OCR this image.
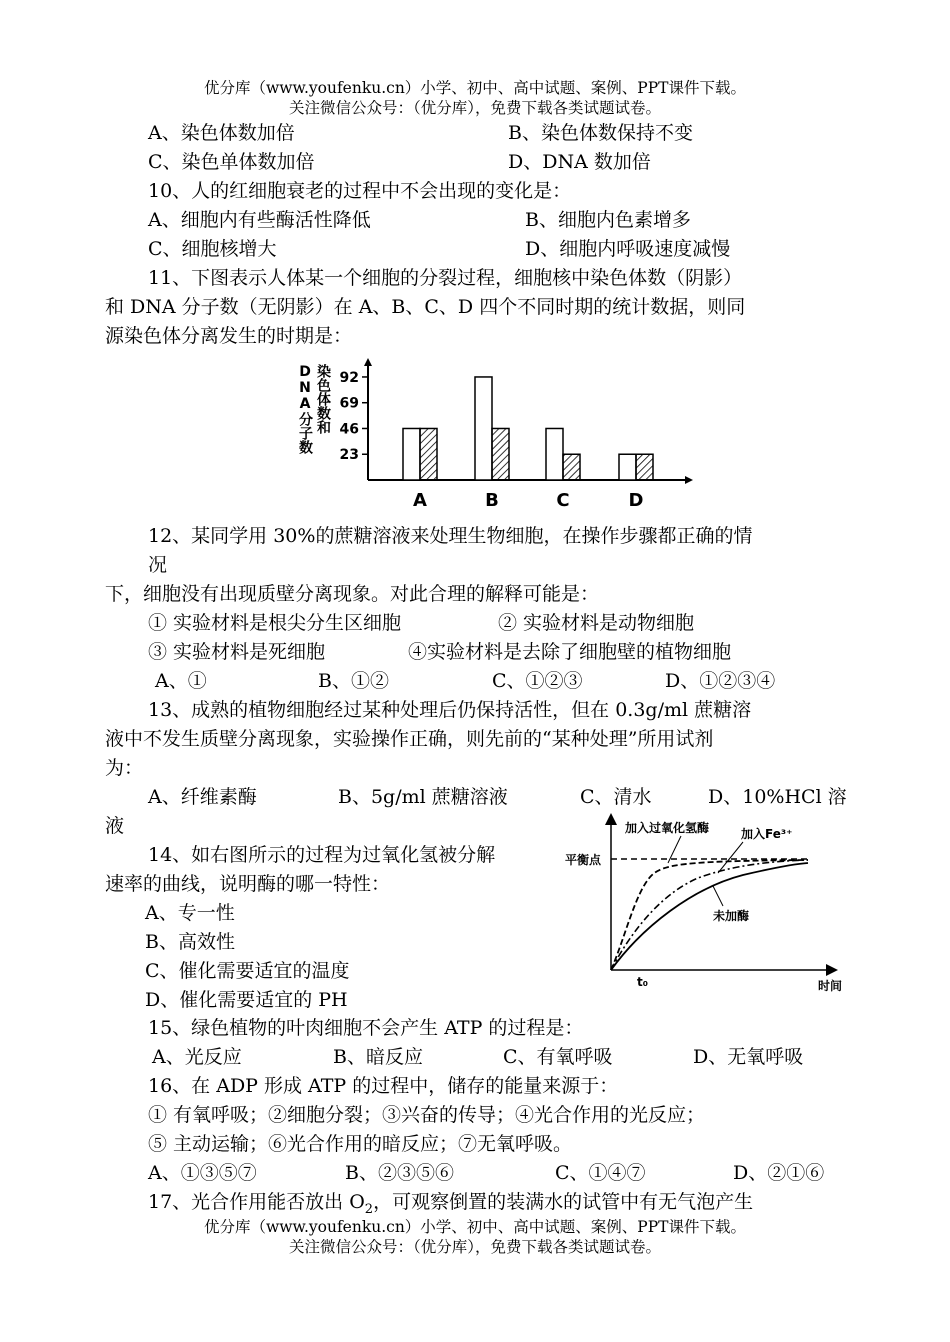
优分库（www.youfenku.cn）小学、初中、高中试题、案例、PPT课件下载。
关注微信公众号：（优分库），免费下载各类试题试卷。
A、染色体数加倍	B、染色体数保持不变
C、染色单体数加倍	D、DNA 数加倍
10、人的红细胞衰老的过程中不会出现的变化是：
A、细胞内有些酶活性降低	B、细胞内色素增多
C、细胞核增大	D、细胞内呼吸速度减慢
11、下图表示人体某一个细胞的分裂过程，细胞核中染色体数（阴影）
和 DNA 分子数（无阴影）在 A、B、C、D 四个不同时期的统计数据，则同
源染色体分离发生的时期是：
染色体数和
DNA分子数
23
46
69
92
A	B	C	D
12、某同学用 30%的蔗糖溶液来处理生物细胞，在操作步骤都正确的情
况
下，细胞没有出现质壁分离现象。对此合理的解释可能是：
① 实验材料是根尖分生区细胞	② 实验材料是动物细胞
③ 实验材料是死细胞	④实验材料是去除了细胞壁的植物细胞
A、①	B、①②	C、①②③	D、①②③④
13、成熟的植物细胞经过某种处理后仍保持活性，但在 0.3g/ml 蔗糖溶
液中不发生质壁分离现象，实验操作正确，则先前的“某种处理”所用试剂
为：
A、纤维素酶	B、5g/ml 蔗糖溶液	C、清水	D、10%HCl 溶
液
14、如右图所示的过程为过氧化氢被分解
速率的曲线，说明酶的哪一特性：
A、专一性
B、高效性
C、催化需要适宜的温度
D、催化需要适宜的 PH
加入过氧化氢酶	加入Fe³⁺
平衡点
未加酶
t₀	时间
15、绿色植物的叶肉细胞不会产生 ATP 的过程是：
A、光反应	B、暗反应	C、有氧呼吸	D、无氧呼吸
16、在 ADP 形成 ATP 的过程中，储存的能量来源于：
① 有氧呼吸；②细胞分裂；③兴奋的传导；④光合作用的光反应；
⑤ 主动运输；⑥光合作用的暗反应；⑦无氧呼吸。
A、①③⑤⑦	B、②③⑤⑥	C、①④⑦	D、②①⑥
17、光合作用能否放出 $O_2$，可观察倒置的装满水的试管中有无气泡产生
优分库（www.youfenku.cn）小学、初中、高中试题、案例、PPT课件下载。
关注微信公众号：（优分库），免费下载各类试题试卷。
